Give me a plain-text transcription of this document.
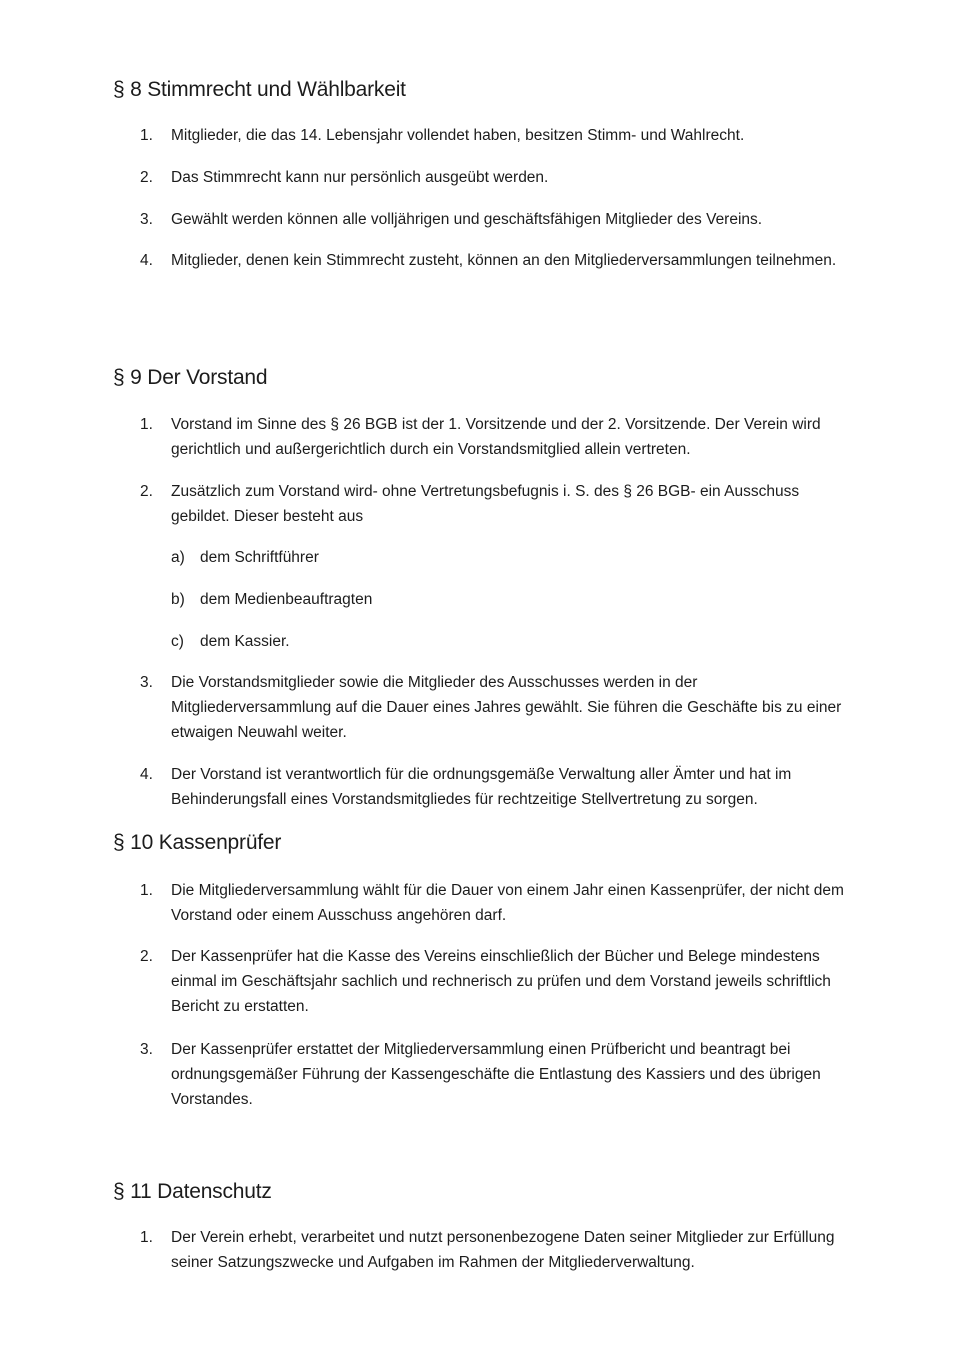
§ 8 Stimmrecht und Wählbarkeit
1.	Mitglieder, die das 14. Lebensjahr vollendet haben, besitzen Stimm- und Wahlrecht.
2.	Das Stimmrecht kann nur persönlich ausgeübt werden.
3.	Gewählt werden können alle volljährigen und geschäftsfähigen Mitglieder des Vereins.
4.	Mitglieder, denen kein Stimmrecht zusteht, können an den Mitgliederversammlungen teilnehmen.
§ 9 Der Vorstand
1.	Vorstand im Sinne des § 26 BGB ist der 1. Vorsitzende und der 2. Vorsitzende. Der Verein wird gerichtlich und außergerichtlich durch ein Vorstandsmitglied allein vertreten.
2.	Zusätzlich zum Vorstand wird- ohne Vertretungsbefugnis i. S. des § 26 BGB- ein Ausschuss gebildet. Dieser besteht aus
a) dem Schriftführer
b) dem Medienbeauftragten
c) dem Kassier.
3.	Die Vorstandsmitglieder sowie die Mitglieder des Ausschusses werden in der Mitgliederversammlung auf die Dauer eines Jahres gewählt. Sie führen die Geschäfte bis zu einer etwaigen Neuwahl weiter.
4.	Der Vorstand ist verantwortlich für die ordnungsgemäße Verwaltung aller Ämter und hat im Behinderungsfall eines Vorstandsmitgliedes für rechtzeitige Stellvertretung zu sorgen.
§ 10 Kassenprüfer
1.	Die Mitgliederversammlung wählt für die Dauer von einem Jahr einen Kassenprüfer, der nicht dem Vorstand oder einem Ausschuss angehören darf.
2.	Der Kassenprüfer hat die Kasse des Vereins einschließlich der Bücher und Belege mindestens einmal im Geschäftsjahr sachlich und rechnerisch zu prüfen und dem Vorstand jeweils schriftlich Bericht zu erstatten.
3.	Der Kassenprüfer erstattet der Mitgliederversammlung einen Prüfbericht und beantragt bei ordnungsgemäßer Führung der Kassengeschäfte die Entlastung des Kassiers und des übrigen Vorstandes.
§ 11 Datenschutz
1.	Der Verein erhebt, verarbeitet und nutzt personenbezogene Daten seiner Mitglieder zur Erfüllung seiner Satzungszwecke und Aufgaben im Rahmen der Mitgliederverwaltung.
